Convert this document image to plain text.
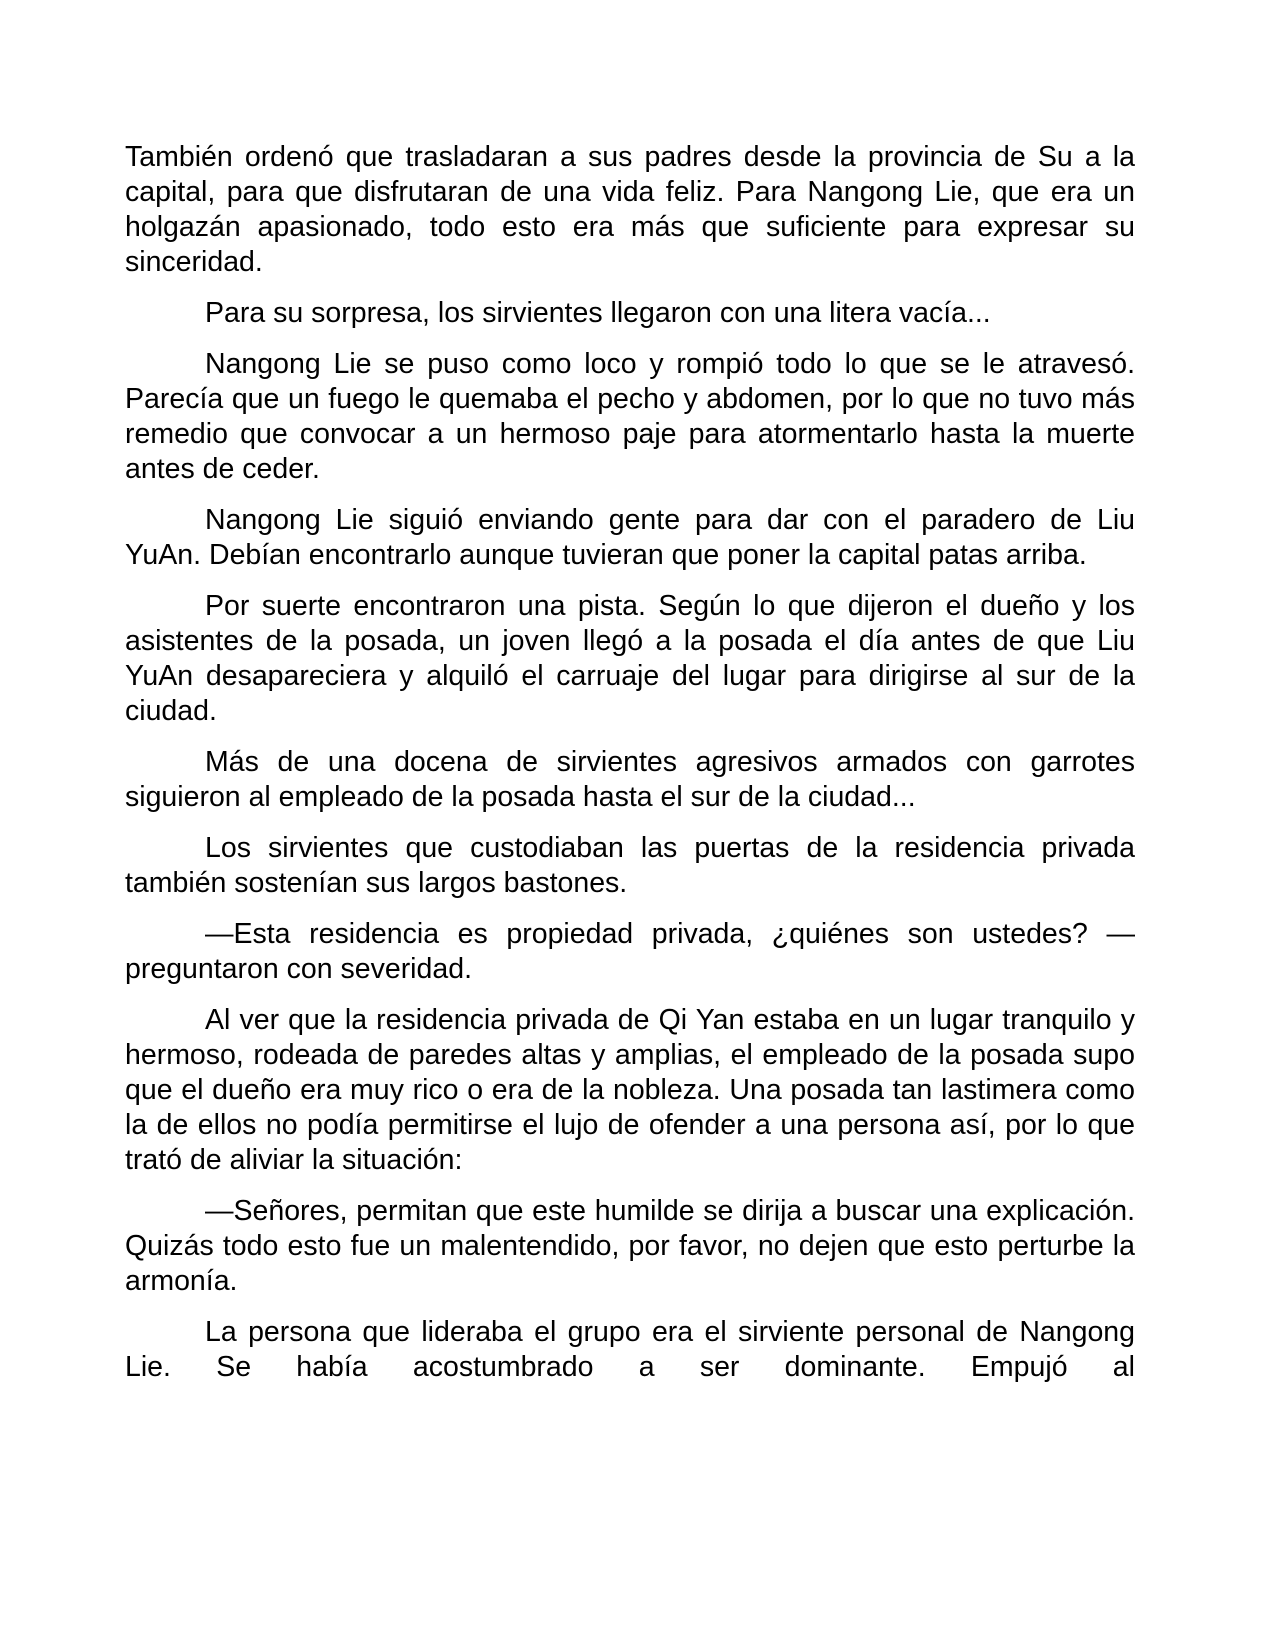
También ordenó que trasladaran a sus padres desde la provincia de Su a la capital, para que disfrutaran de una vida feliz. Para Nangong Lie, que era un holgazán apasionado, todo esto era más que suficiente para expresar su sinceridad.

Para su sorpresa, los sirvientes llegaron con una litera vacía...

Nangong Lie se puso como loco y rompió todo lo que se le atravesó. Parecía que un fuego le quemaba el pecho y abdomen, por lo que no tuvo más remedio que convocar a un hermoso paje para atormentarlo hasta la muerte antes de ceder.

Nangong Lie siguió enviando gente para dar con el paradero de Liu YuAn. Debían encontrarlo aunque tuvieran que poner la capital patas arriba.

Por suerte encontraron una pista. Según lo que dijeron el dueño y los asistentes de la posada, un joven llegó a la posada el día antes de que Liu YuAn desapareciera y alquiló el carruaje del lugar para dirigirse al sur de la ciudad.

Más de una docena de sirvientes agresivos armados con garrotes siguieron al empleado de la posada hasta el sur de la ciudad...

Los sirvientes que custodiaban las puertas de la residencia privada también sostenían sus largos bastones.

—Esta residencia es propiedad privada, ¿quiénes son ustedes? —preguntaron con severidad.

Al ver que la residencia privada de Qi Yan estaba en un lugar tranquilo y hermoso, rodeada de paredes altas y amplias, el empleado de la posada supo que el dueño era muy rico o era de la nobleza. Una posada tan lastimera como la de ellos no podía permitirse el lujo de ofender a una persona así, por lo que trató de aliviar la situación:

—Señores, permitan que este humilde se dirija a buscar una explicación. Quizás todo esto fue un malentendido, por favor, no dejen que esto perturbe la armonía.

La persona que lideraba el grupo era el sirviente personal de Nangong Lie. Se había acostumbrado a ser dominante. Empujó al
